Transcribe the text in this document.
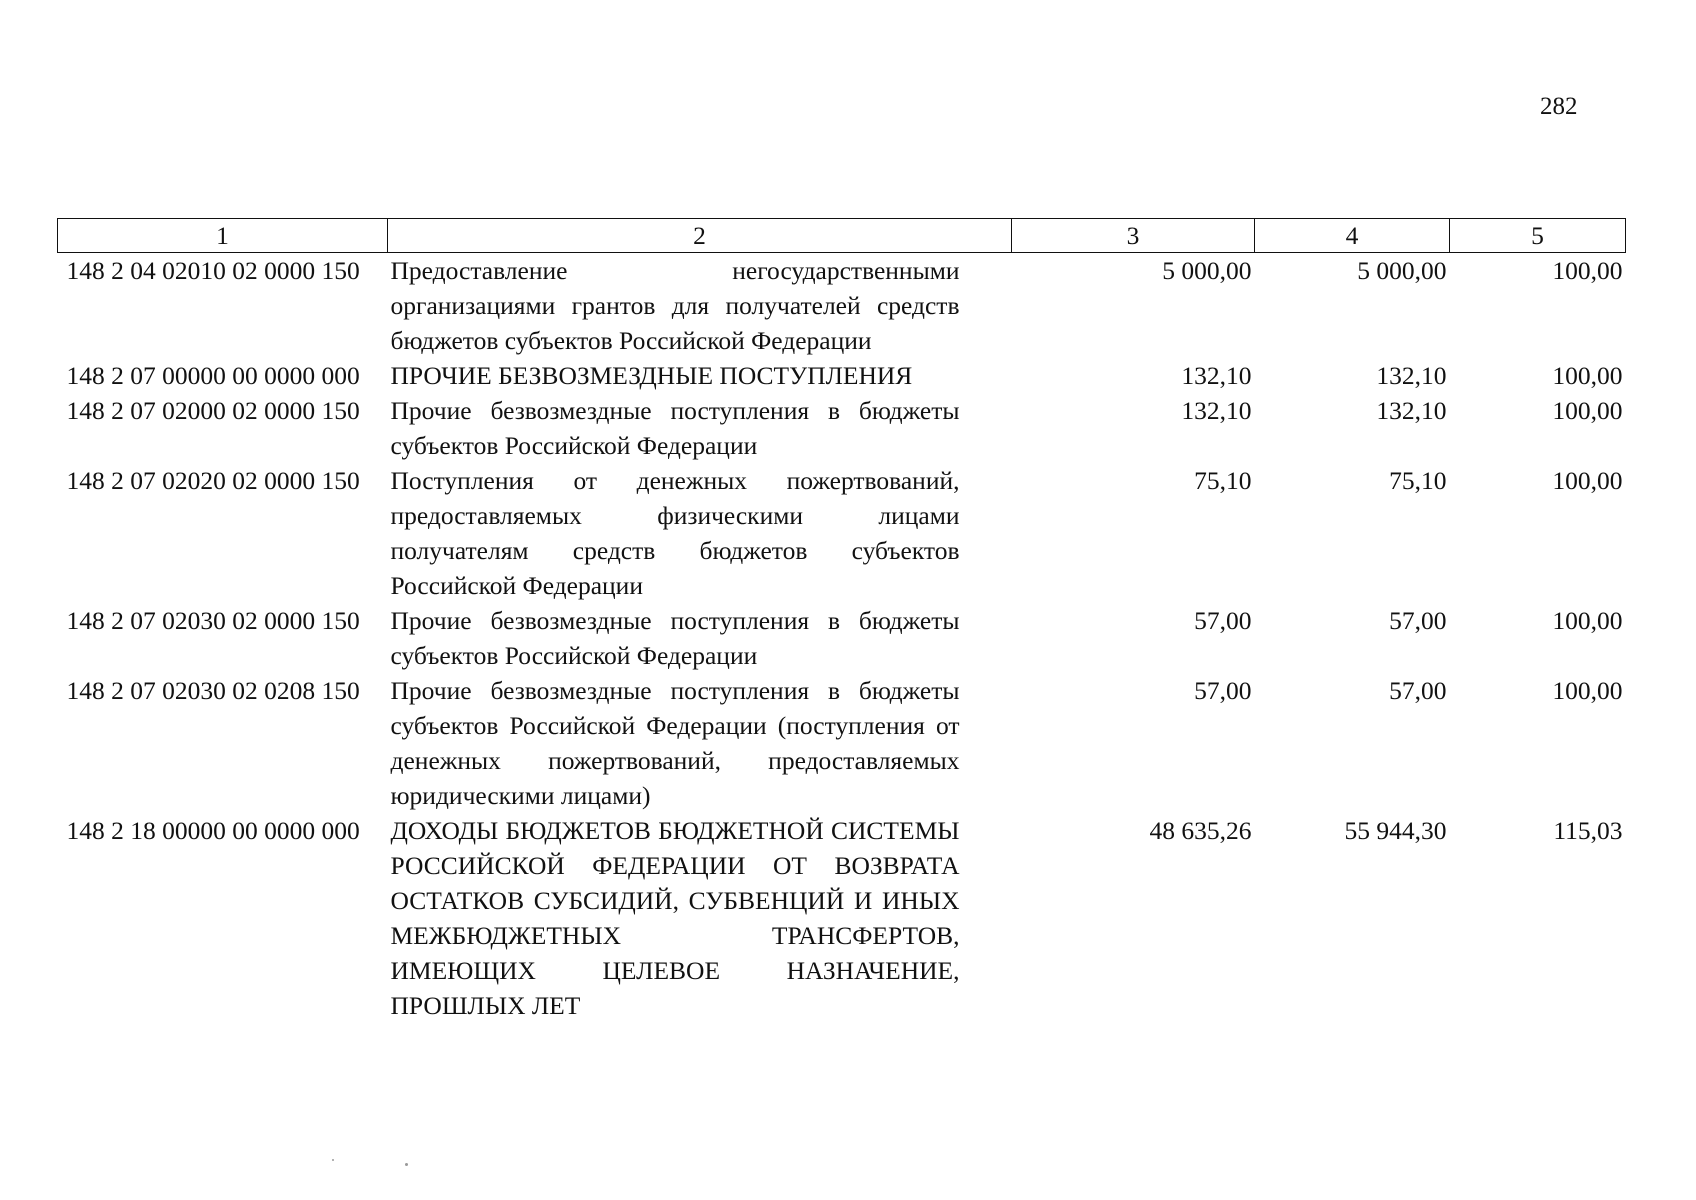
282
1	2	3	4	5
148 2 04 02010 02 0000 150	Предоставление негосударственными организациями грантов для получателей средств бюджетов субъектов Российской Федерации	5 000,00	5 000,00	100,00
148 2 07 00000 00 0000 000	ПРОЧИЕ БЕЗВОЗМЕЗДНЫЕ ПОСТУПЛЕНИЯ	132,10	132,10	100,00
148 2 07 02000 02 0000 150	Прочие безвозмездные поступления в бюджеты субъектов Российской Федерации	132,10	132,10	100,00
148 2 07 02020 02 0000 150	Поступления от денежных пожертвований, предоставляемых физическими лицами получателям средств бюджетов субъектов Российской Федерации	75,10	75,10	100,00
148 2 07 02030 02 0000 150	Прочие безвозмездные поступления в бюджеты субъектов Российской Федерации	57,00	57,00	100,00
148 2 07 02030 02 0208 150	Прочие безвозмездные поступления в бюджеты субъектов Российской Федерации (поступления от денежных пожертвований, предоставляемых юридическими лицами)	57,00	57,00	100,00
148 2 18 00000 00 0000 000	ДОХОДЫ БЮДЖЕТОВ БЮДЖЕТНОЙ СИСТЕМЫ РОССИЙСКОЙ ФЕДЕРАЦИИ ОТ ВОЗВРАТА ОСТАТКОВ СУБСИДИЙ, СУБВЕНЦИЙ И ИНЫХ МЕЖБЮДЖЕТНЫХ ТРАНСФЕРТОВ, ИМЕЮЩИХ ЦЕЛЕВОЕ НАЗНАЧЕНИЕ, ПРОШЛЫХ ЛЕТ	48 635,26	55 944,30	115,03
